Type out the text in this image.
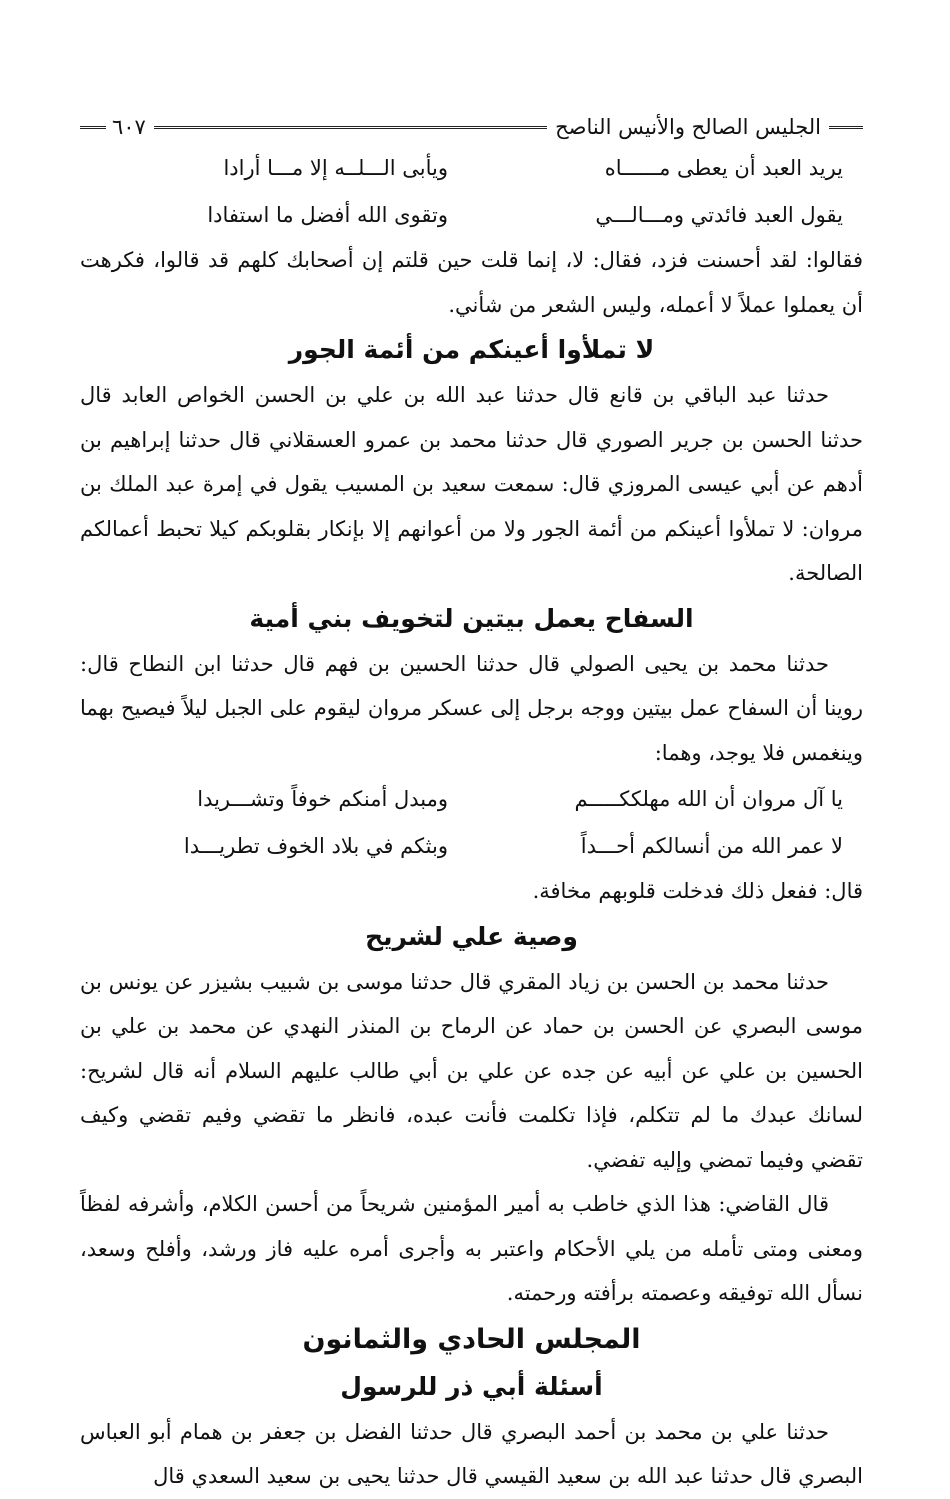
الجليس الصالح والأنيس الناصح
٦٠٧
يريد العبد أن يعطى مــــــاه
ويأبى الـــلــه إلا مـــا أرادا
يقول العبد فائدتي ومـــالـــي
وتقوى الله أفضل ما استفادا

فقالوا: لقد أحسنت فزد، فقال: لا، إنما قلت حين قلتم إن أصحابك كلهم قد قالوا، فكرهت أن يعملوا عملاً لا أعمله، وليس الشعر من شأني.

لا تملأوا أعينكم من أئمة الجور

حدثنا عبد الباقي بن قانع قال حدثنا عبد الله بن علي بن الحسن الخواص العابد قال حدثنا الحسن بن جرير الصوري قال حدثنا محمد بن عمرو العسقلاني قال حدثنا إبراهيم بن أدهم عن أبي عيسى المروزي قال: سمعت سعيد بن المسيب يقول في إمرة عبد الملك بن مروان: لا تملأوا أعينكم من أئمة الجور ولا من أعوانهم إلا بإنكار بقلوبكم كيلا تحبط أعمالكم الصالحة.

السفاح يعمل بيتين لتخويف بني أمية

حدثنا محمد بن يحيى الصولي قال حدثنا الحسين بن فهم قال حدثنا ابن النطاح قال: روينا أن السفاح عمل بيتين ووجه برجل إلى عسكر مروان ليقوم على الجبل ليلاً فيصيح بهما وينغمس فلا يوجد، وهما:

يا آل مروان أن الله مهلككـــــم
ومبدل أمنكم خوفاً وتشـــريدا
لا عمر الله من أنسالكم أحـــداً
وبثكم في بلاد الخوف تطريـــدا

قال: ففعل ذلك فدخلت قلوبهم مخافة.

وصية علي لشريح

حدثنا محمد بن الحسن بن زياد المقري قال حدثنا موسى بن شبيب بشيزر عن يونس بن موسى البصري عن الحسن بن حماد عن الرماح بن المنذر النهدي عن محمد بن علي بن الحسين بن علي عن أبيه عن جده عن علي بن أبي طالب عليهم السلام أنه قال لشريح: لسانك عبدك ما لم تتكلم، فإذا تكلمت فأنت عبده، فانظر ما تقضي وفيم تقضي وكيف تقضي وفيما تمضي وإليه تفضي.

قال القاضي: هذا الذي خاطب به أمير المؤمنين شريحاً من أحسن الكلام، وأشرفه لفظاً ومعنى ومتى تأمله من يلي الأحكام واعتبر به وأجرى أمره عليه فاز ورشد، وأفلح وسعد، نسأل الله توفيقه وعصمته برأفته ورحمته.

المجلس الحادي والثمانون
أسئلة أبي ذر للرسول

حدثنا علي بن محمد بن أحمد البصري قال حدثنا الفضل بن جعفر بن همام أبو العباس البصري قال حدثنا عبد الله بن سعيد القيسي قال حدثنا يحيى بن سعيد السعدي قال
